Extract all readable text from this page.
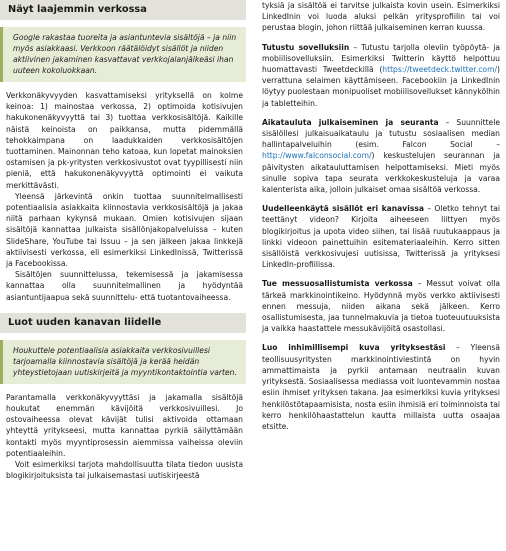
Näyt laajemmin verkossa
Google rakastaa tuoreita ja asiantuntevia sisältöjä – ja niin myös asiakkaasi. Verkkoon räätälöidyt sisällöt ja niiden aktiivinen jakaminen kasvattavat verkkojalanjälkeäsi ihan uuteen kokoluokkaan.

Verkkonäkyvyyden kasvattamiseksi yrityksellä on kolme keinoa: 1) mainostaa verkossa, 2) optimoida kotisivujen hakukonenäkyvyyttä tai 3) tuottaa verkkosisältöjä. Kaikille näistä keinoista on paikkansa, mutta pidemmällä tehokkaimpana on laadukkaiden verkkosisältöjen tuottaminen. Mainonnan teho katoaa, kun lopetat mainoksien ostamisen ja pk-yritysten verkkosivustot ovat tyypillisesti niin pieniä, että hakukonenäkyvyyttä optimointi ei vaikuta merkittävästi.

Yleensä järkevintä onkin tuottaa suunnitelmallisesti potentiaalisia asiakkaita kiinnostavia verkkosisältöjä ja jakaa niitä parhaan kykynsä mukaan. Omien kotisivujen sijaan sisältöjä kannattaa julkaista sisällönjakopalveluissa – kuten SlideShare, YouTube tai Issuu – ja sen jälkeen jakaa linkkejä aktiivisesti verkossa, eli esimerkiksi LinkedInissä, Twitterissä ja Facebookissa.

Sisältöjen suunnittelussa, tekemisessä ja jakamisessa kannattaa olla suunnitelmallinen ja hyödyntää asiantuntijaapua sekä suunnittelu- että tuotantovaiheessa.

Luot uuden kanavan liidelle
Houkuttele potentiaalisia asiakkaita verkkosivuillesi tarjoamalla kiinnostavia sisältöjä ja kerää heidän yhteystietojaan uutiskirjeitä ja myyntikontaktointia varten.

Parantamalla verkkonäkyvyyttäsi ja jakamalla sisältöjä houkutat enemmän kävijöitä verkkosivuillesi. Jo ostovaiheessa olevat kävijät tulisi aktivoida ottamaan yhteyttä yritykseesi, mutta kannattaa pyrkiä säilyttämään kontakti myös myyntiprosessin aiemmissa vaiheissa oleviin potentiaaleihin.

Voit esimerkiksi tarjota mahdollisuutta tilata tiedon uusista blogikirjoituksista tai julkaisemastasi uutiskirjeestä

tyksiä ja sisältöä ei tarvitse julkaista kovin usein. Esimerkiksi LinkedInin voi luoda aluksi pelkän yritysprofiilin tai voi perustaa blogin, johon riittää julkaiseminen kerran kuussa.

Tutustu sovelluksiin – Tutustu tarjolla oleviin työpöytä- ja mobiilisovelluksiin. Esimerkiksi Twitterin käyttö helpottuu huomattavasti Tweetdeckillä (https://tweetdeck.twitter.com/) verrattuna selaimen käyttämiseen. Facebookiin ja LinkedInin löytyy puolestaan monipuoliset mobiilisovellukset kännykölhin ja tabletteihin.

Aikatauluta julkaiseminen ja seuranta – Suunnittele sisälöllesi julkaisuaikataulu ja tutustu sosiaalisen median hallintapalveluihin (esim. Falcon Social – http://www.falconsocial.com/) keskustelujen seurannan ja päivitysten aikatauluttamisen helpottamiseksi. Mieti myös sinulle sopiva tapa seurata verkkokeskusteluja ja varaa kalenterista aika, jolloin julkaiset omaa sisältöä verkossa.

Uudelleenkäytä sisällöt eri kanavissa – Oletko tehnyt tai teettänyt videon? Kirjoita aiheeseen liittyen myös blogikirjoitus ja upota video siihen, tai lisää ruutukaappaus ja linkki videoon painettuihin esitemateriaaleihin. Kerro sitten sisällöistä verkkosivujesi uutisissa, Twitterissä ja yrityksesi LinkedIn-profiilissa.

Tue messuosallistumista verkossa – Messut voivat olla tärkeä markkinointikeino. Hyödynnä myös verkko aktiivisesti ennen messuja, niiden aikana sekä jälkeen. Kerro osallistumisesta, jaa tunnelmakuvia ja tietoa tuoteuutuuksista ja vaikka haastattele messukävijöitä osastollasi.

Luo inhimillisempi kuva yrityksestäsi – Yleensä teollisuusyritysten markkinointiviestintä on hyvin ammattimaista ja pyrkii antamaan neutraalin kuvan yrityksestä. Sosiaalisessa mediassa voit luontevammin nostaa esiin ihmiset yrityksen takana. Jaa esimerkiksi kuvia yrityksesi henkilöstötapaamisista, nosta esiin ihmisiä eri toiminnoista tai kerro henkilöhaastattelun kautta millaista uutta osaajaa etsitte.
